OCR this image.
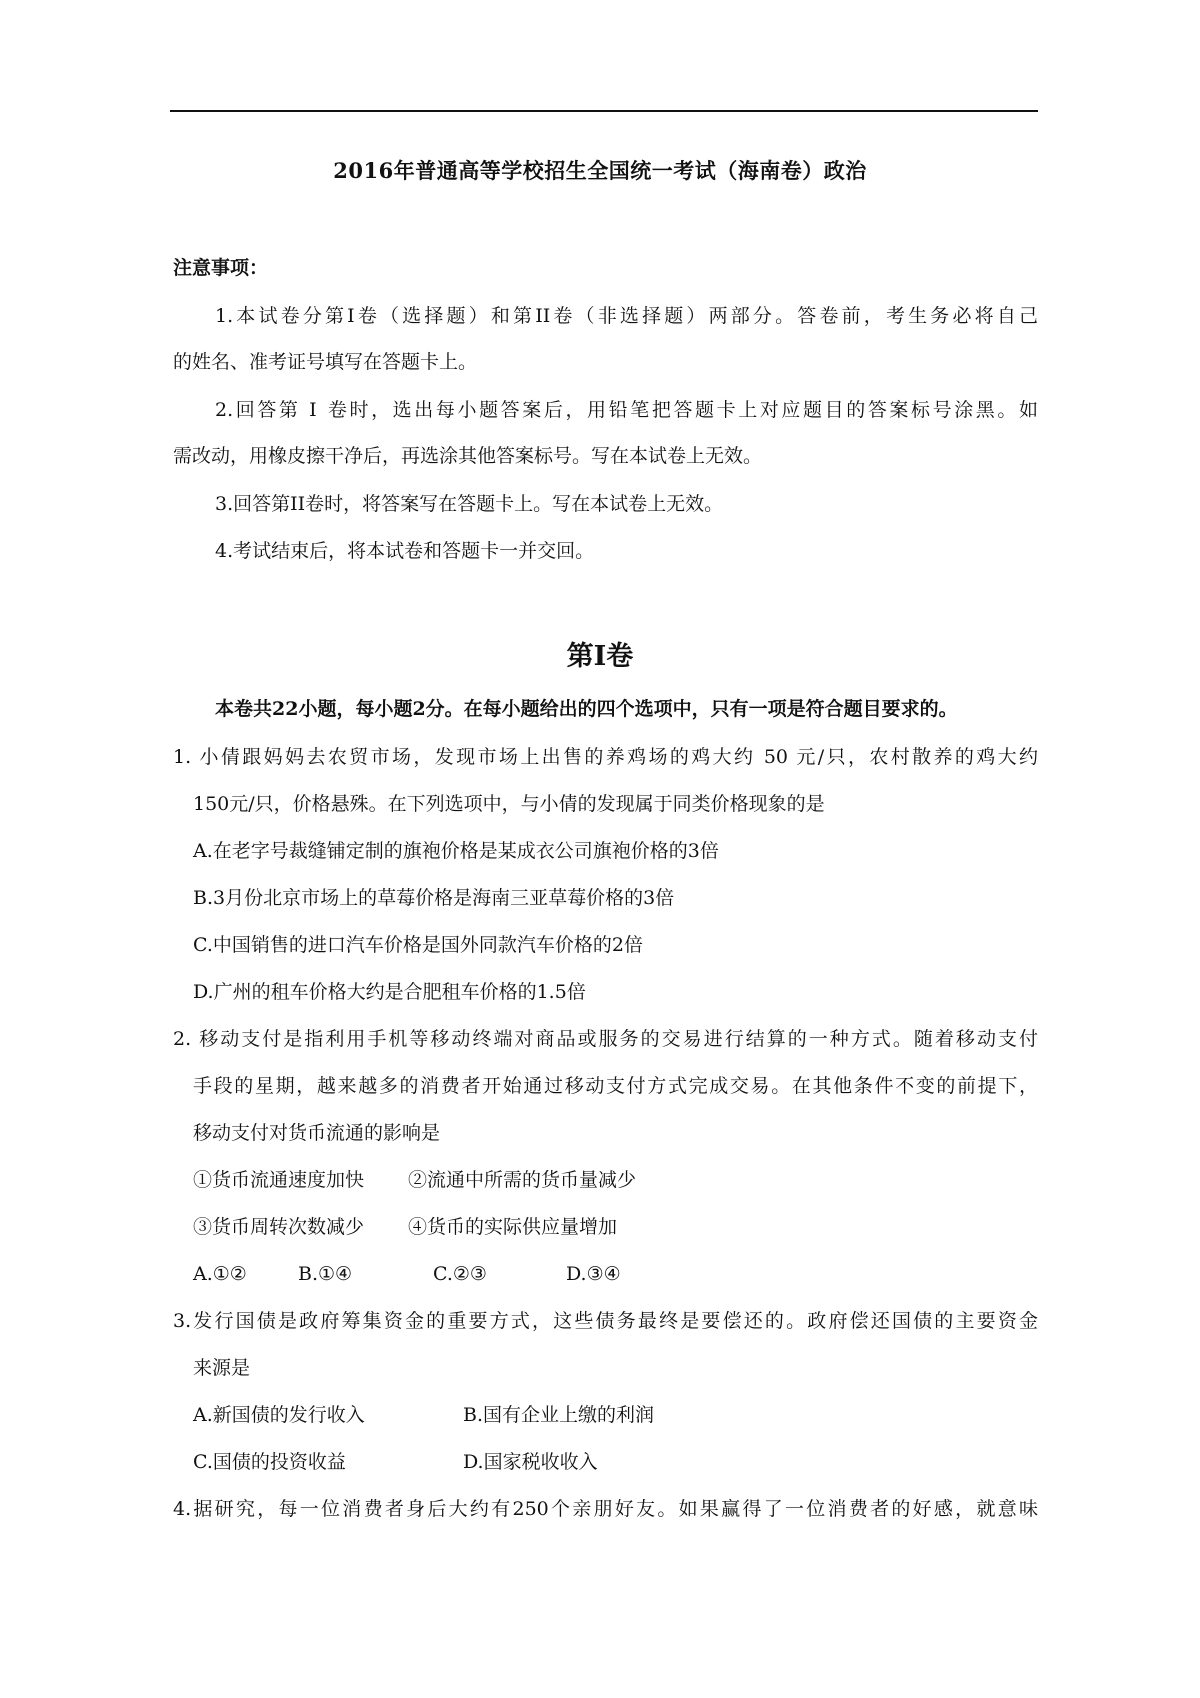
2016年普通高等学校招生全国统一考试（海南卷）政治
注意事项：
1.本试卷分第Ⅰ卷（选择题）和第II卷（非选择题）两部分。答卷前，考生务必将自己
的姓名、准考证号填写在答题卡上。
2.回答第 Ⅰ 卷时，选出每小题答案后，用铅笔把答题卡上对应题目的答案标号涂黑。如
需改动，用橡皮擦干净后，再选涂其他答案标号。写在本试卷上无效。
3.回答第II卷时，将答案写在答题卡上。写在本试卷上无效。
4.考试结束后，将本试卷和答题卡一并交回。
第Ⅰ卷
本卷共22小题，每小题2分。在每小题给出的四个选项中，只有一项是符合题目要求的。
1. 小倩跟妈妈去农贸市场，发现市场上出售的养鸡场的鸡大约 50 元/只，农村散养的鸡大约
150元/只，价格悬殊。在下列选项中，与小倩的发现属于同类价格现象的是
A.在老字号裁缝铺定制的旗袍价格是某成衣公司旗袍价格的3倍
B.3月份北京市场上的草莓价格是海南三亚草莓价格的3倍
C.中国销售的进口汽车价格是国外同款汽车价格的2倍
D.广州的租车价格大约是合肥租车价格的1.5倍
2. 移动支付是指利用手机等移动终端对商品或服务的交易进行结算的一种方式。随着移动支付
手段的星期，越来越多的消费者开始通过移动支付方式完成交易。在其他条件不变的前提下，
移动支付对货币流通的影响是
①货币流通速度加快 ②流通中所需的货币量减少
③货币周转次数减少 ④货币的实际供应量增加
A.①②	B.①④	C.②③	D.③④
3.发行国债是政府筹集资金的重要方式，这些债务最终是要偿还的。政府偿还国债的主要资金
来源是
A.新国债的发行收入	B.国有企业上缴的利润
C.国债的投资收益	D.国家税收收入
4.据研究，每一位消费者身后大约有250个亲朋好友。如果赢得了一位消费者的好感，就意味
